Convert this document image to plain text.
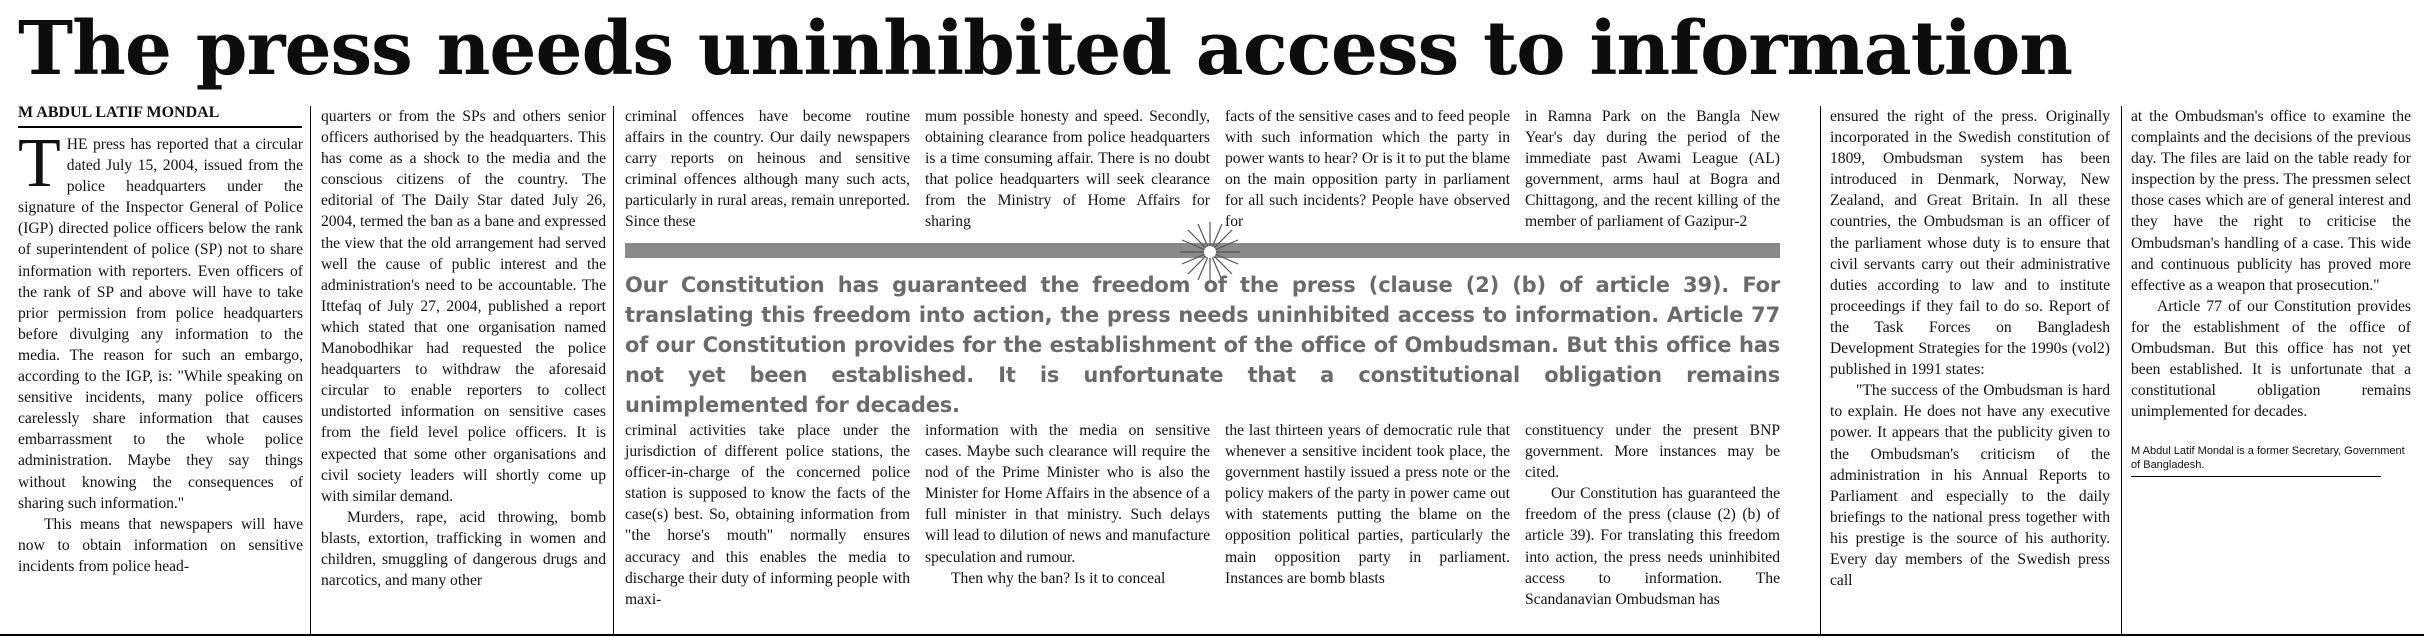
The press needs uninhibited access to information
M ABDUL LATIF MONDAL

THE press has reported that a circular dated July 15, 2004, issued from the police headquarters under the signature of the Inspector General of Police (IGP) directed police officers below the rank of superintendent of police (SP) not to share information with reporters. Even officers of the rank of SP and above will have to take prior permission from police headquarters before divulging any information to the media. The reason for such an embargo, according to the IGP, is: "While speaking on sensitive incidents, many police officers carelessly share information that causes embarrassment to the whole police administration. Maybe they say things without knowing the consequences of sharing such information."

This means that newspapers will have now to obtain information on sensitive incidents from police head-

quarters or from the SPs and others senior officers authorised by the headquarters. This has come as a shock to the media and the conscious citizens of the country. The editorial of The Daily Star dated July 26, 2004, termed the ban as a bane and expressed the view that the old arrangement had served well the cause of public interest and the administration's need to be accountable. The Ittefaq of July 27, 2004, published a report which stated that one organisation named Manobodhikar had requested the police headquarters to withdraw the aforesaid circular to enable reporters to collect undistorted information on sensitive cases from the field level police officers. It is expected that some other organisations and civil society leaders will shortly come up with similar demand.

Murders, rape, acid throwing, bomb blasts, extortion, trafficking in women and children, smuggling of dangerous drugs and narcotics, and many other

criminal offences have become routine affairs in the country. Our daily newspapers carry reports on heinous and sensitive criminal offences although many such acts, particularly in rural areas, remain unreported. Since these

mum possible honesty and speed. Secondly, obtaining clearance from police headquarters is a time consuming affair. There is no doubt that police headquarters will seek clearance from the Ministry of Home Affairs for sharing

facts of the sensitive cases and to feed people with such information which the party in power wants to hear? Or is it to put the blame on the main opposition party in parliament for all such incidents? People have observed for

in Ramna Park on the Bangla New Year's day during the period of the immediate past Awami League (AL) government, arms haul at Bogra and Chittagong, and the recent killing of the member of parliament of Gazipur-2

Our Constitution has guaranteed the freedom of the press (clause (2) (b) of article 39). For translating this freedom into action, the press needs uninhibited access to information. Article 77 of our Constitution provides for the establishment of the office of Ombudsman. But this office has not yet been established. It is unfortunate that a constitutional obligation remains unimplemented for decades.

criminal activities take place under the jurisdiction of different police stations, the officer-in-charge of the concerned police station is supposed to know the facts of the case(s) best. So, obtaining information from "the horse's mouth" normally ensures accuracy and this enables the media to discharge their duty of informing people with maxi-

information with the media on sensitive cases. Maybe such clearance will require the nod of the Prime Minister who is also the Minister for Home Affairs in the absence of a full minister in that ministry. Such delays will lead to dilution of news and manufacture speculation and rumour.

Then why the ban? Is it to conceal

the last thirteen years of democratic rule that whenever a sensitive incident took place, the government hastily issued a press note or the policy makers of the party in power came out with statements putting the blame on the opposition political parties, particularly the main opposition party in parliament. Instances are bomb blasts

constituency under the present BNP government. More instances may be cited.

Our Constitution has guaranteed the freedom of the press (clause (2) (b) of article 39). For translating this freedom into action, the press needs uninhibited access to information. The Scandanavian Ombudsman has

ensured the right of the press. Originally incorporated in the Swedish constitution of 1809, Ombudsman system has been introduced in Denmark, Norway, New Zealand, and Great Britain. In all these countries, the Ombudsman is an officer of the parliament whose duty is to ensure that civil servants carry out their administrative duties according to law and to institute proceedings if they fail to do so. Report of the Task Forces on Bangladesh Development Strategies for the 1990s (vol2) published in 1991 states:

"The success of the Ombudsman is hard to explain. He does not have any executive power. It appears that the publicity given to the Ombudsman's criticism of the administration in his Annual Reports to Parliament and especially to the daily briefings to the national press together with his prestige is the source of his authority. Every day members of the Swedish press call

at the Ombudsman's office to examine the complaints and the decisions of the previous day. The files are laid on the table ready for inspection by the press. The pressmen select those cases which are of general interest and they have the right to criticise the Ombudsman's handling of a case. This wide and continuous publicity has proved more effective as a weapon that prosecution."

Article 77 of our Constitution provides for the establishment of the office of Ombudsman. But this office has not yet been established. It is unfortunate that a constitutional obligation remains unimplemented for decades.

M Abdul Latif Mondal is a former Secretary, Government of Bangladesh.
